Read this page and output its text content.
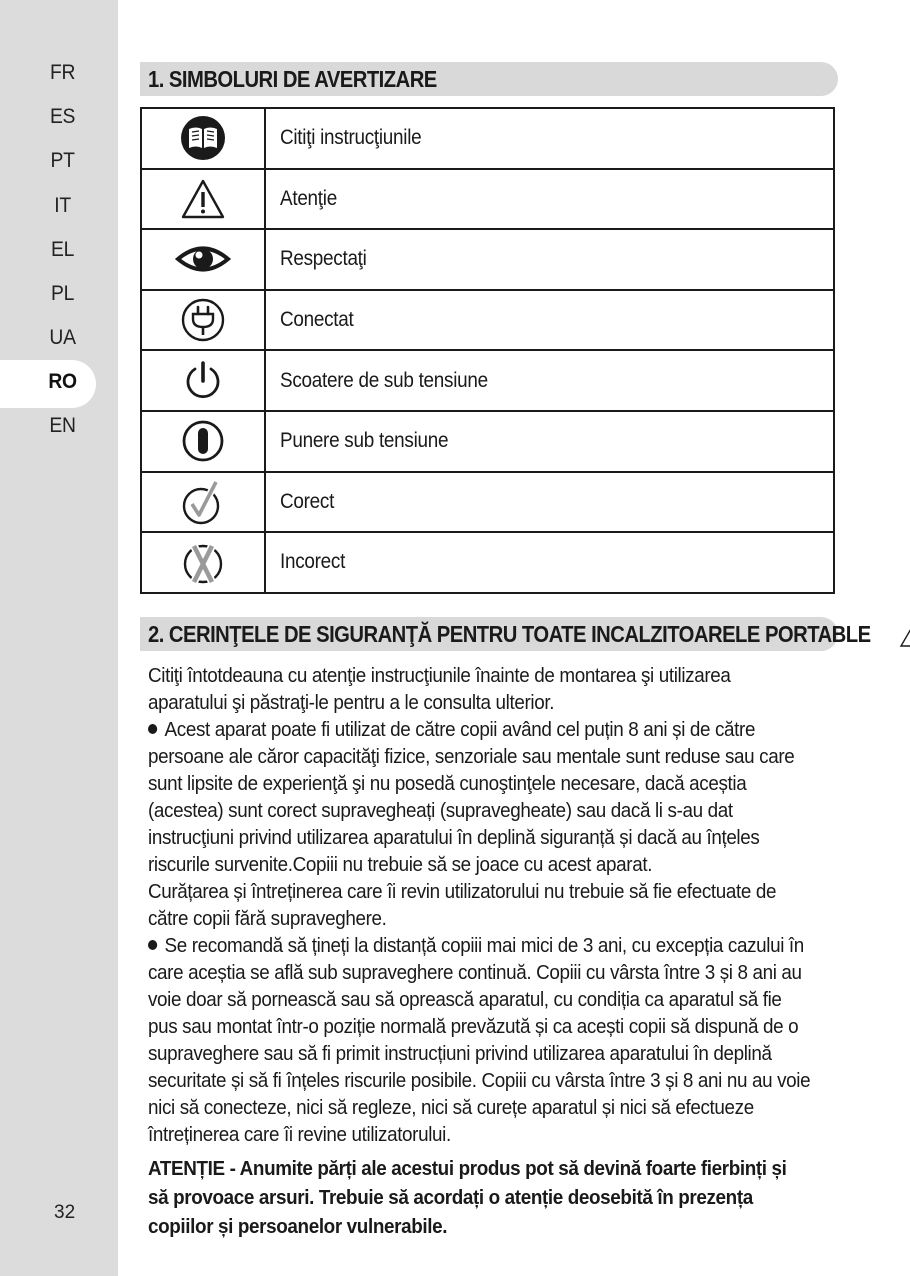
FR
ES
PT
IT
EL
PL
UA
RO
EN
32
1. SIMBOLURI DE AVERTIZARE
	Citiţi instrucţiunile
	Atenţie
	Respectaţi
	Conectat
	Scoatere de sub tensiune
	Punere sub tensiune
	Corect
	Incorect
2. CERINŢELE DE SIGURANŢĂ PENTRU TOATE INCALZITOARELE PORTABLE

Citiţi întotdeauna cu atenţie instrucţiunile înainte de montarea şi utilizarea aparatului şi păstraţi-le pentru a le consulta ulterior.

Acest aparat poate fi utilizat de către copii având cel puțin 8 ani și de către persoane ale căror capacităţi fizice, senzoriale sau mentale sunt reduse sau care sunt lipsite de experienţă şi nu posedă cunoştinţele necesare, dacă aceștia (acestea) sunt corect supravegheați (supravegheate) sau dacă li s-au dat instrucţiuni privind utilizarea aparatului în deplină siguranță și dacă au înțeles riscurile survenite.Copiii nu trebuie să se joace cu acest aparat.

Curățarea și întreținerea care îi revin utilizatorului nu trebuie să fie efectuate de către copii fără supraveghere.

Se recomandă să țineți la distanță copiii mai mici de 3 ani, cu excepția cazului în care aceștia se află sub supraveghere continuă. Copiii cu vârsta între 3 și 8 ani au voie doar să pornească sau să oprească aparatul, cu condiția ca aparatul să fie pus sau montat într-o poziție normală prevăzută și ca acești copii să dispună de o supraveghere sau să fi primit instrucțiuni privind utilizarea aparatului în deplină securitate și să fi înțeles riscurile posibile. Copiii cu vârsta între 3 și 8 ani nu au voie nici să conecteze, nici să regleze, nici să curețe aparatul și nici să efectueze întreținerea care îi revine utilizatorului.

ATENȚIE - Anumite părți ale acestui produs pot să devină foarte fierbinți și să provoace arsuri. Trebuie să acordați o atenție deosebită în prezența copiilor și persoanelor vulnerabile.
